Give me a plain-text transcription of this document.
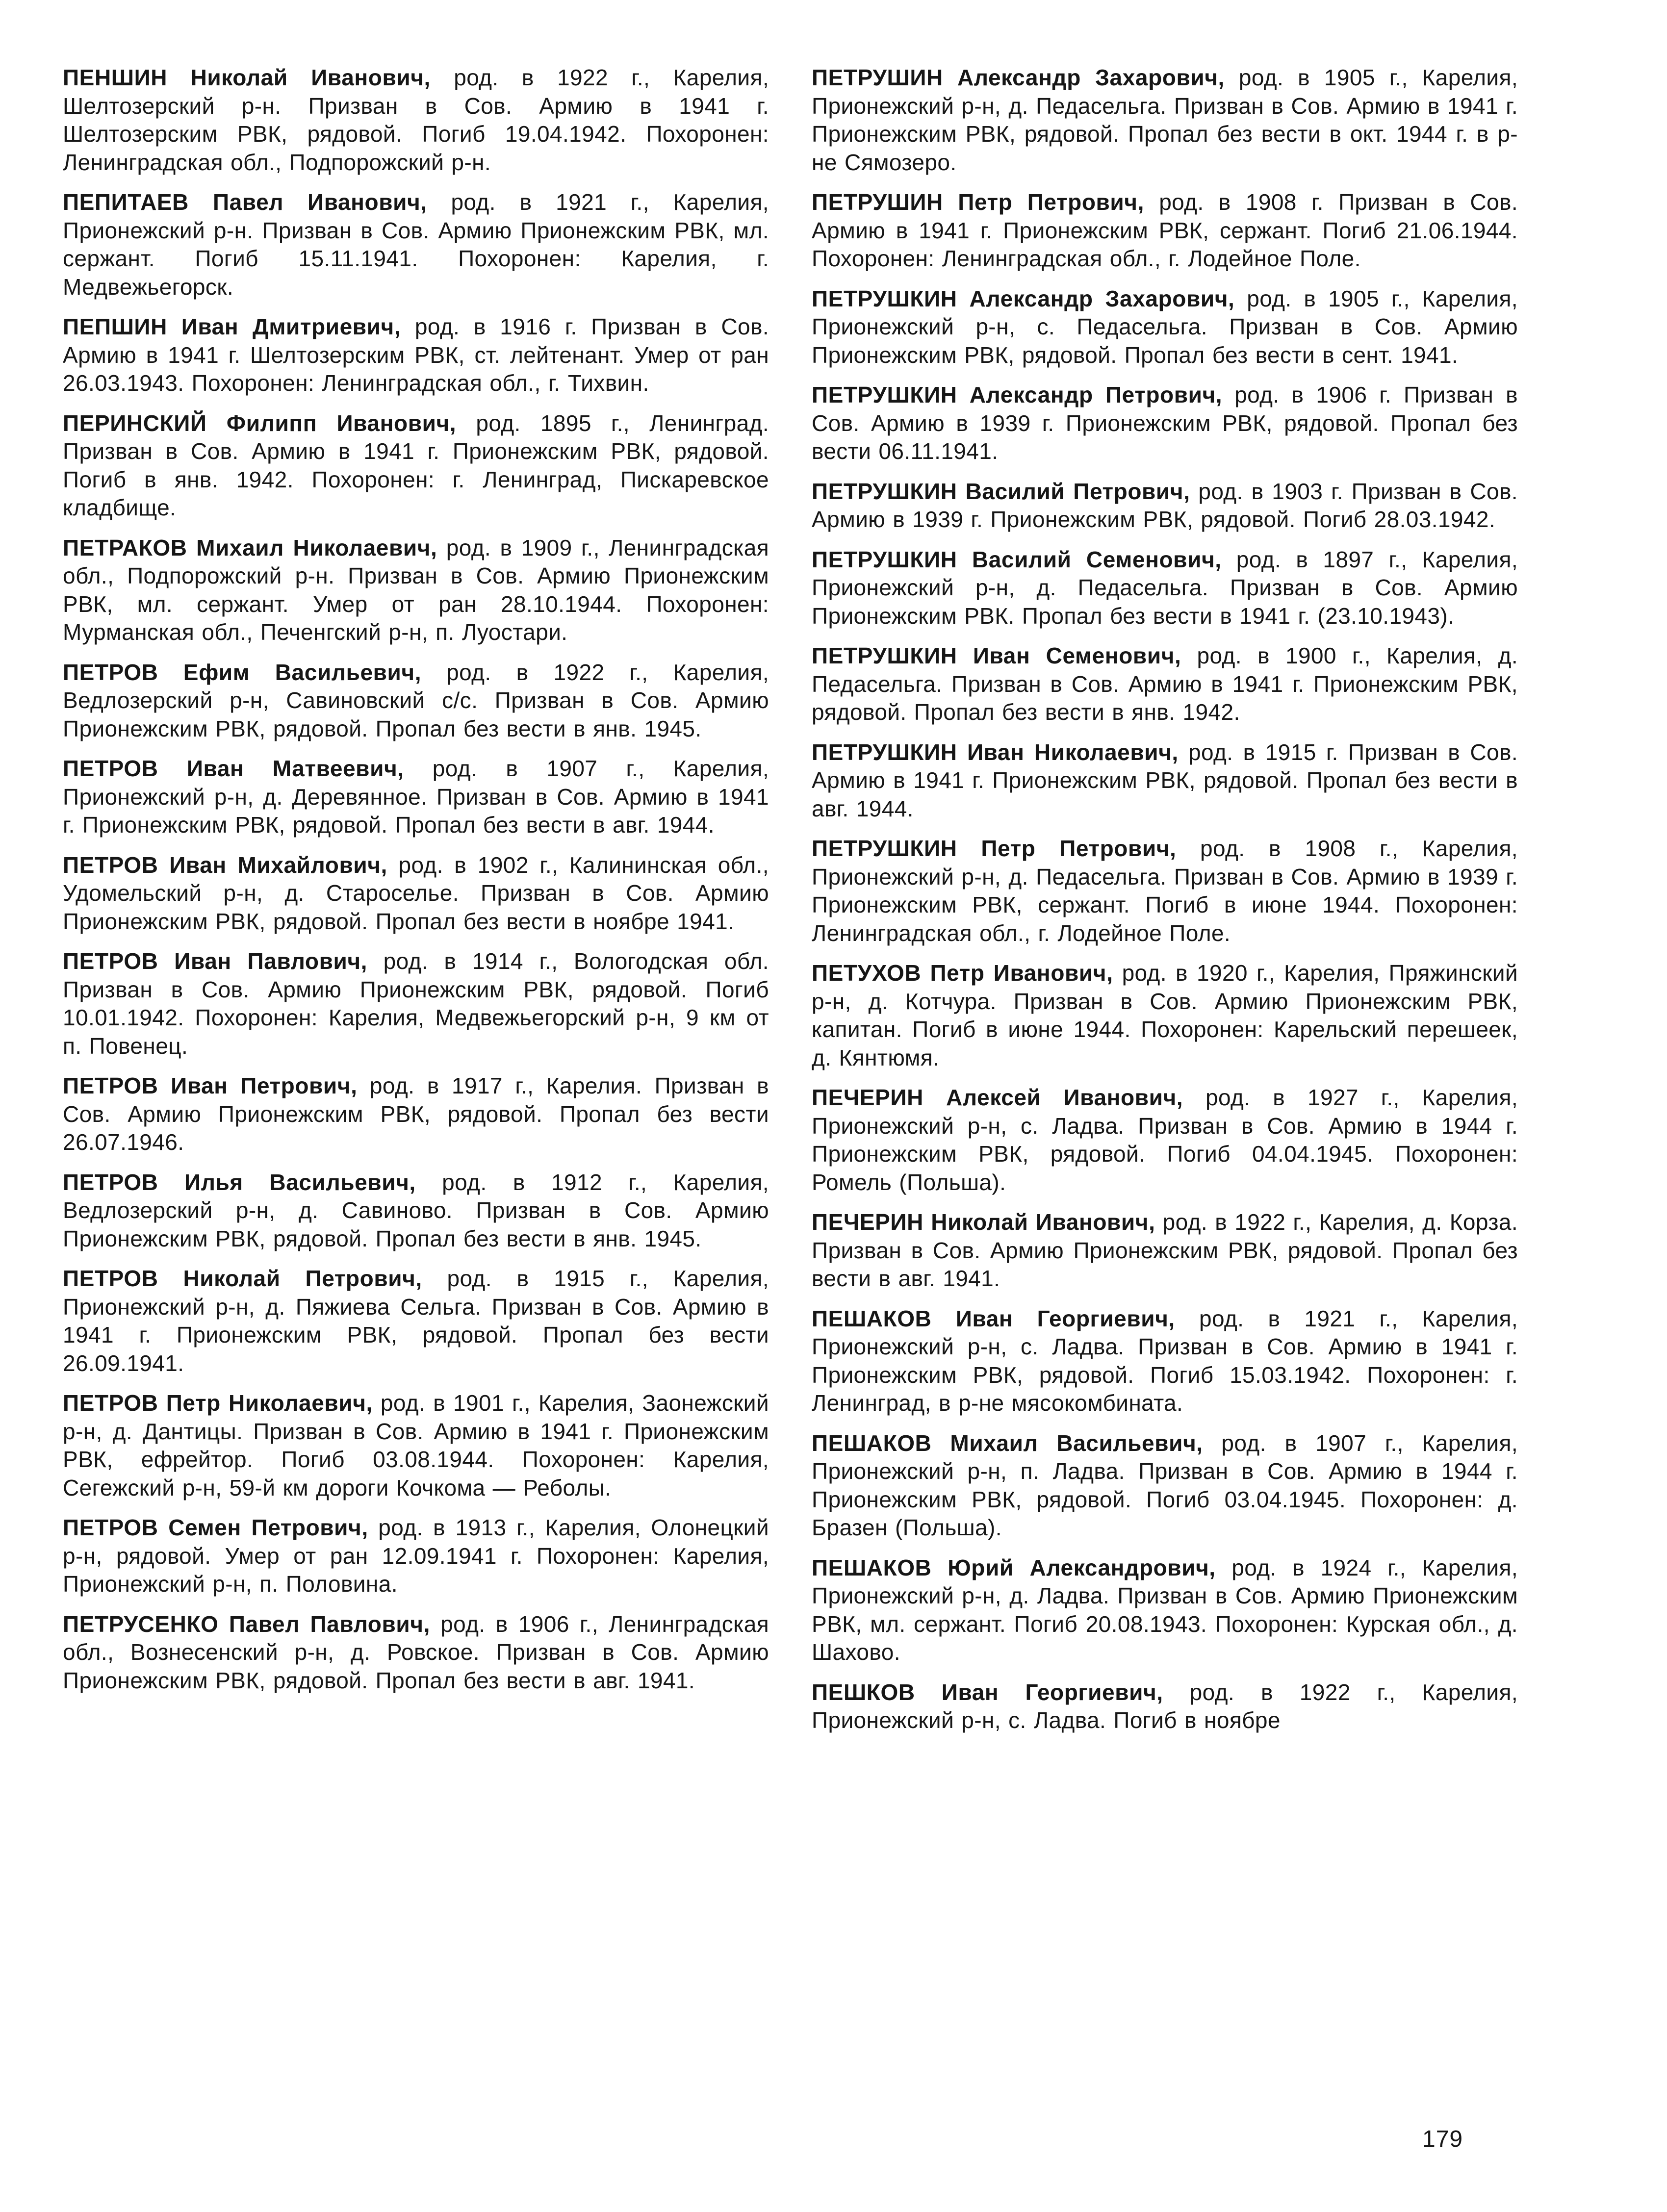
ПЕНШИН Николай Иванович, род. в 1922 г., Карелия, Шелтозерский р-н. Призван в Сов. Армию в 1941 г. Шелтозерским РВК, рядовой. Погиб 19.04.1942. Похоронен: Ленинградская обл., Подпорожский р-н.

ПЕПИТАЕВ Павел Иванович, род. в 1921 г., Карелия, Прионежский р-н. Призван в Сов. Армию Прионежским РВК, мл. сержант. Погиб 15.11.1941. Похоронен: Карелия, г. Медвежьегорск.

ПЕПШИН Иван Дмитриевич, род. в 1916 г. Призван в Сов. Армию в 1941 г. Шелтозерским РВК, ст. лейтенант. Умер от ран 26.03.1943. Похоронен: Ленинградская обл., г. Тихвин.

ПЕРИНСКИЙ Филипп Иванович, род. 1895 г., Ленинград. Призван в Сов. Армию в 1941 г. Прионежским РВК, рядовой. Погиб в янв. 1942. Похоронен: г. Ленинград, Пискаревское кладбище.

ПЕТРАКОВ Михаил Николаевич, род. в 1909 г., Ленинградская обл., Подпорожский р-н. Призван в Сов. Армию Прионежским РВК, мл. сержант. Умер от ран 28.10.1944. Похоронен: Мурманская обл., Печенгский р-н, п. Луостари.

ПЕТРОВ Ефим Васильевич, род. в 1922 г., Карелия, Ведлозерский р-н, Савиновский с/с. Призван в Сов. Армию Прионежским РВК, рядовой. Пропал без вести в янв. 1945.

ПЕТРОВ Иван Матвеевич, род. в 1907 г., Карелия, Прионежский р-н, д. Деревянное. Призван в Сов. Армию в 1941 г. Прионежским РВК, рядовой. Пропал без вести в авг. 1944.

ПЕТРОВ Иван Михайлович, род. в 1902 г., Калининская обл., Удомельский р-н, д. Староселье. Призван в Сов. Армию Прионежским РВК, рядовой. Пропал без вести в ноябре 1941.

ПЕТРОВ Иван Павлович, род. в 1914 г., Вологодская обл. Призван в Сов. Армию Прионежским РВК, рядовой. Погиб 10.01.1942. Похоронен: Карелия, Медвежьегорский р-н, 9 км от п. Повенец.

ПЕТРОВ Иван Петрович, род. в 1917 г., Карелия. Призван в Сов. Армию Прионежским РВК, рядовой. Пропал без вести 26.07.1946.

ПЕТРОВ Илья Васильевич, род. в 1912 г., Карелия, Ведлозерский р-н, д. Савиново. Призван в Сов. Армию Прионежским РВК, рядовой. Пропал без вести в янв. 1945.

ПЕТРОВ Николай Петрович, род. в 1915 г., Карелия, Прионежский р-н, д. Пяжиева Сельга. Призван в Сов. Армию в 1941 г. Прионежским РВК, рядовой. Пропал без вести 26.09.1941.

ПЕТРОВ Петр Николаевич, род. в 1901 г., Карелия, Заонежский р-н, д. Дантицы. Призван в Сов. Армию в 1941 г. Прионежским РВК, ефрейтор. Погиб 03.08.1944. Похоронен: Карелия, Сегежский р-н, 59-й км дороги Кочкома — Реболы.

ПЕТРОВ Семен Петрович, род. в 1913 г., Карелия, Олонецкий р-н, рядовой. Умер от ран 12.09.1941 г. Похоронен: Карелия, Прионежский р-н, п. Половина.

ПЕТРУСЕНКО Павел Павлович, род. в 1906 г., Ленинградская обл., Вознесенский р-н, д. Ровское. Призван в Сов. Армию Прионежским РВК, рядовой. Пропал без вести в авг. 1941.

ПЕТРУШИН Александр Захарович, род. в 1905 г., Карелия, Прионежский р-н, д. Педасельга. Призван в Сов. Армию в 1941 г. Прионежским РВК, рядовой. Пропал без вести в окт. 1944 г. в р-не Сямозеро.

ПЕТРУШИН Петр Петрович, род. в 1908 г. Призван в Сов. Армию в 1941 г. Прионежским РВК, сержант. Погиб 21.06.1944. Похоронен: Ленинградская обл., г. Лодейное Поле.

ПЕТРУШКИН Александр Захарович, род. в 1905 г., Карелия, Прионежский р-н, с. Педасельга. Призван в Сов. Армию Прионежским РВК, рядовой. Пропал без вести в сент. 1941.

ПЕТРУШКИН Александр Петрович, род. в 1906 г. Призван в Сов. Армию в 1939 г. Прионежским РВК, рядовой. Пропал без вести 06.11.1941.

ПЕТРУШКИН Василий Петрович, род. в 1903 г. Призван в Сов. Армию в 1939 г. Прионежским РВК, рядовой. Погиб 28.03.1942.

ПЕТРУШКИН Василий Семенович, род. в 1897 г., Карелия, Прионежский р-н, д. Педасельга. Призван в Сов. Армию Прионежским РВК. Пропал без вести в 1941 г. (23.10.1943).

ПЕТРУШКИН Иван Семенович, род. в 1900 г., Карелия, д. Педасельга. Призван в Сов. Армию в 1941 г. Прионежским РВК, рядовой. Пропал без вести в янв. 1942.

ПЕТРУШКИН Иван Николаевич, род. в 1915 г. Призван в Сов. Армию в 1941 г. Прионежским РВК, рядовой. Пропал без вести в авг. 1944.

ПЕТРУШКИН Петр Петрович, род. в 1908 г., Карелия, Прионежский р-н, д. Педасельга. Призван в Сов. Армию в 1939 г. Прионежским РВК, сержант. Погиб в июне 1944. Похоронен: Ленинградская обл., г. Лодейное Поле.

ПЕТУХОВ Петр Иванович, род. в 1920 г., Карелия, Пряжинский р-н, д. Котчура. Призван в Сов. Армию Прионежским РВК, капитан. Погиб в июне 1944. Похоронен: Карельский перешеек, д. Кянтюмя.

ПЕЧЕРИН Алексей Иванович, род. в 1927 г., Карелия, Прионежский р-н, с. Ладва. Призван в Сов. Армию в 1944 г. Прионежским РВК, рядовой. Погиб 04.04.1945. Похоронен: Ромель (Польша).

ПЕЧЕРИН Николай Иванович, род. в 1922 г., Карелия, д. Корза. Призван в Сов. Армию Прионежским РВК, рядовой. Пропал без вести в авг. 1941.

ПЕШАКОВ Иван Георгиевич, род. в 1921 г., Карелия, Прионежский р-н, с. Ладва. Призван в Сов. Армию в 1941 г. Прионежским РВК, рядовой. Погиб 15.03.1942. Похоронен: г. Ленинград, в р-не мясокомбината.

ПЕШАКОВ Михаил Васильевич, род. в 1907 г., Карелия, Прионежский р-н, п. Ладва. Призван в Сов. Армию в 1944 г. Прионежским РВК, рядовой. Погиб 03.04.1945. Похоронен: д. Бразен (Польша).

ПЕШАКОВ Юрий Александрович, род. в 1924 г., Карелия, Прионежский р-н, д. Ладва. Призван в Сов. Армию Прионежским РВК, мл. сержант. Погиб 20.08.1943. Похоронен: Курская обл., д. Шахово.

ПЕШКОВ Иван Георгиевич, род. в 1922 г., Карелия, Прионежский р-н, с. Ладва. Погиб в ноябре

179
